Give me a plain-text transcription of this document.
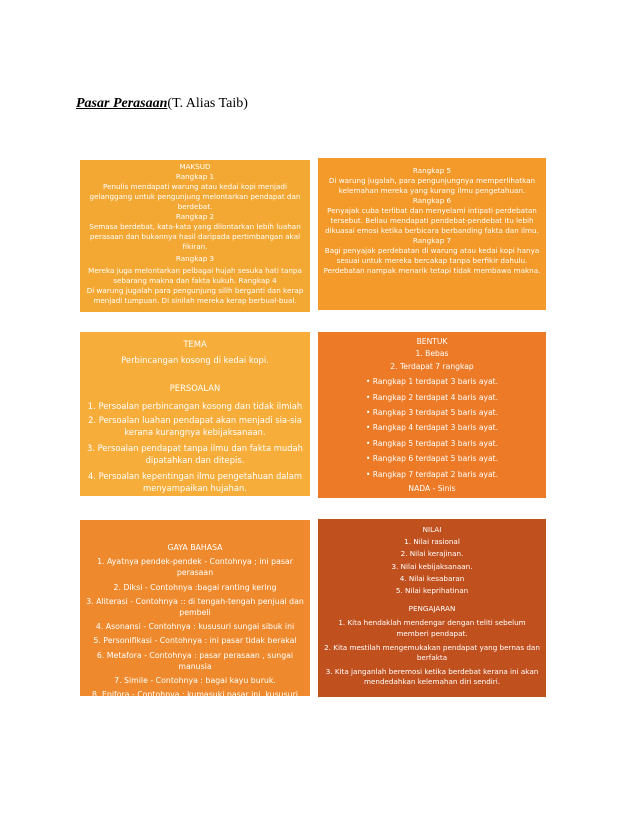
Pasar Perasaan(T. Alias Taib)

MAKSUD

Rangkap 1

Penulis mendapati warung atau kedai kopi menjadi gelanggang untuk pengunjung melontarkan pendapat dan berdebat.

Rangkap 2

Semasa berdebat, kata-kata yang dilontarkan lebih luahan perasaan dan bukannya hasil daripada pertimbangan akal fikiran.

Rangkap 3

Mereka juga melontarkan pelbagai hujah sesuka hati tanpa sebarang makna dan fakta kukuh. Rangkap 4

Di warung jugalah para pengunjung silih berganti dan kerap menjadi tumpuan. Di sinilah mereka kerap berbual-bual.

Rangkap 5

Di warung jugalah, para pengunjungnya memperlihatkan kelemahan mereka yang kurang ilmu pengetahuan.

Rangkap 6

Penyajak cuba terlibat dan menyelami intipati perdebatan tersebut. Beliau mendapati pendebat-pendebat itu lebih dikuasai emosi ketika berbicara berbanding fakta dan ilmu.

Rangkap 7

Bagi penyajak perdebatan di warung atau kedai kopi hanya sesuai untuk mereka bercakap tanpa berfikir dahulu. Perdebatan nampak menarik tetapi tidak membawa makna.

TEMA

Perbincangan kosong di kedai kopi.

PERSOALAN

1. Persoalan perbincangan kosong dan tidak ilmiah

2. Persoalan luahan pendapat akan menjadi sia-sia kerana kurangnya kebijaksanaan.

3. Persoalan pendapat tanpa ilmu dan fakta mudah dipatahkan dan ditepis.

4. Persoalan kepentingan ilmu pengetahuan dalam menyampaikan hujahan.

BENTUK

1. Bebas

2. Terdapat 7 rangkap

• Rangkap 1 terdapat 3 baris ayat.

• Rangkap 2 terdapat 4 baris ayat.

• Rangkap 3 terdapat 5 baris ayat.

• Rangkap 4 terdapat 3 baris ayat.

• Rangkap 5 terdapat 3 baris ayat.

• Rangkap 6 terdapat 5 baris ayat.

• Rangkap 7 terdapat 2 baris ayat.

NADA - Sinis

GAYA BAHASA

1. Ayatnya pendek-pendek - Contohnya ; ini pasar perasaan

2. Diksi - Contohnya :bagai ranting kering

3. Aliterasi - Contohnya :: di tengah-tengah penjual dan pembeli

4. Asonansi - Contohnya : kususuri sungai sibuk ini

5. Personifikasi - Contohnya : ini pasar tidak berakal

6. Metafora - Contohnya : pasar perasaan , sungai manusia

7. Simile - Contohnya : bagai kayu buruk.

8. Epifora - Contohnya ; kumasuki pasar ini, kususuri sungai sibuk ini

NILAI

1. Nilai rasional

2. Nilai kerajinan.

3. Nilai kebijaksanaan.

4. Nilai kesabaran

5. Nilai keprihatinan

PENGAJARAN

1. Kita hendaklah mendengar dengan teliti sebelum memberi pendapat.

2. Kita mestilah mengemukakan pendapat yang bernas dan berfakta

3. Kita janganlah beremosi ketika berdebat kerana ini akan mendedahkan kelemahan diri sendiri.
